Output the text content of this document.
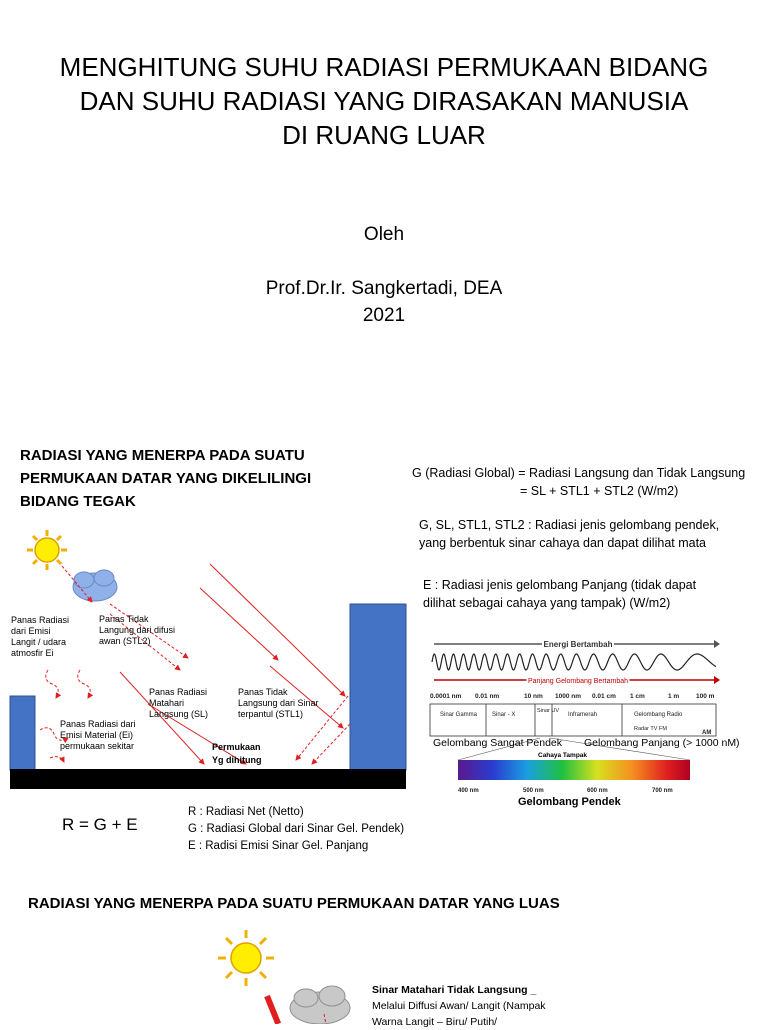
MENGHITUNG SUHU RADIASI PERMUKAAN BIDANG
DAN SUHU RADIASI YANG DIRASAKAN MANUSIA
DI RUANG LUAR
Oleh
Prof.Dr.Ir. Sangkertadi, DEA
2021
RADIASI YANG MENERPA PADA SUATU
PERMUKAAN DATAR YANG DIKELILINGI
BIDANG TEGAK
Panas Radiasi
dari Emisi
Langit / udara
atmosfir Ei
Panas Tidak
Langung dari difusi
awan (STL2)
Panas Radiasi
Matahari
Langsung (SL)
Panas Tidak
Langsung dari Sinar
terpantul (STL1)
Panas Radiasi dari
Emisi Material (Ei)
permukaan sekitar	Permukaan
Yg dihitung
R = G + E
R : Radiasi Net (Netto)
G : Radiasi Global dari Sinar Gel. Pendek)
E : Radisi Emisi Sinar Gel. Panjang
G (Radiasi Global) = Radiasi Langsung dan Tidak Langsung
= SL + STL1 + STL2 (W/m2)
G, SL, STL1, STL2 : Radiasi jenis gelombang pendek,
yang berbentuk sinar cahaya dan dapat dilihat mata
E : Radiasi jenis gelombang Panjang (tidak dapat
dilihat sebagai cahaya yang tampak) (W/m2)
Energi Bertambah
Panjang Gelombang Bertambah
0.0001 nm 0.01 nm	10 nm 1000 nm 0.01 cm 1 cm	1 m	100 m
Sinar Gamma Sinar - X
Sinar UV
Inframerah	Gelombang Radio
Radar TV FM
AM
Gelombang Sangat Pendek Gelombang Panjang (> 1000 nM)
Cahaya Tampak
400 nm	500 nm	600 nm	700 nm
Gelombang Pendek
RADIASI YANG MENERPA PADA SUATU PERMUKAAN DATAR YANG LUAS
Sinar Matahari Tidak Langsung _
Melalui Diffusi Awan/ Langit (Nampak
Warna Langit – Biru/ Putih/
